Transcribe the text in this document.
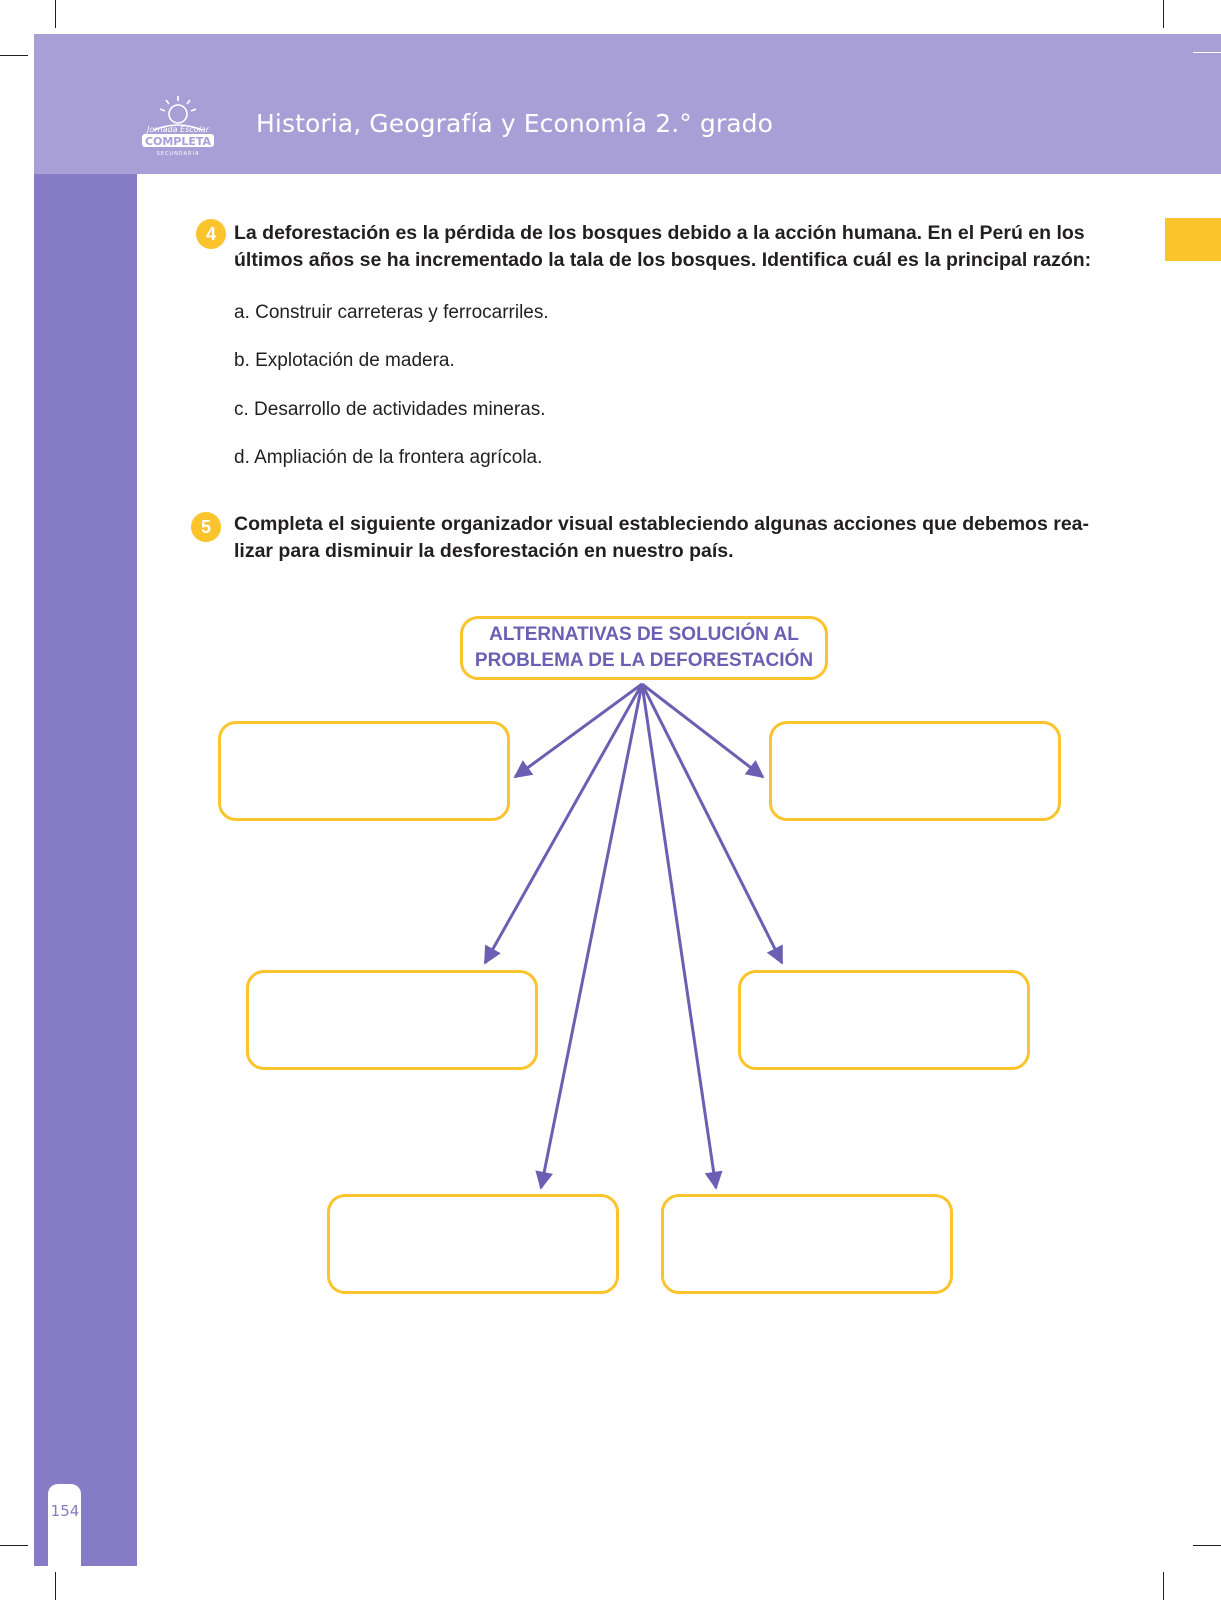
Jornada Escolar
COMPLETA
SECUNDARIA
Historia, Geografía y Economía 2.° grado
154
4 La deforestación es la pérdida de los bosques debido a la acción humana. En el Perú en los últimos años se ha incrementado la tala de los bosques. Identifica cuál es la principal razón:
a. Construir carreteras y ferrocarriles.
b. Explotación de madera.
c. Desarrollo de actividades mineras.
d. Ampliación de la frontera agrícola.
5	Completa el siguiente organizador visual estableciendo algunas acciones que debemos rea-lizar para disminuir la desforestación en nuestro país.
ALTERNATIVAS DE SOLUCIÓN AL
PROBLEMA DE LA DEFORESTACIÓN
